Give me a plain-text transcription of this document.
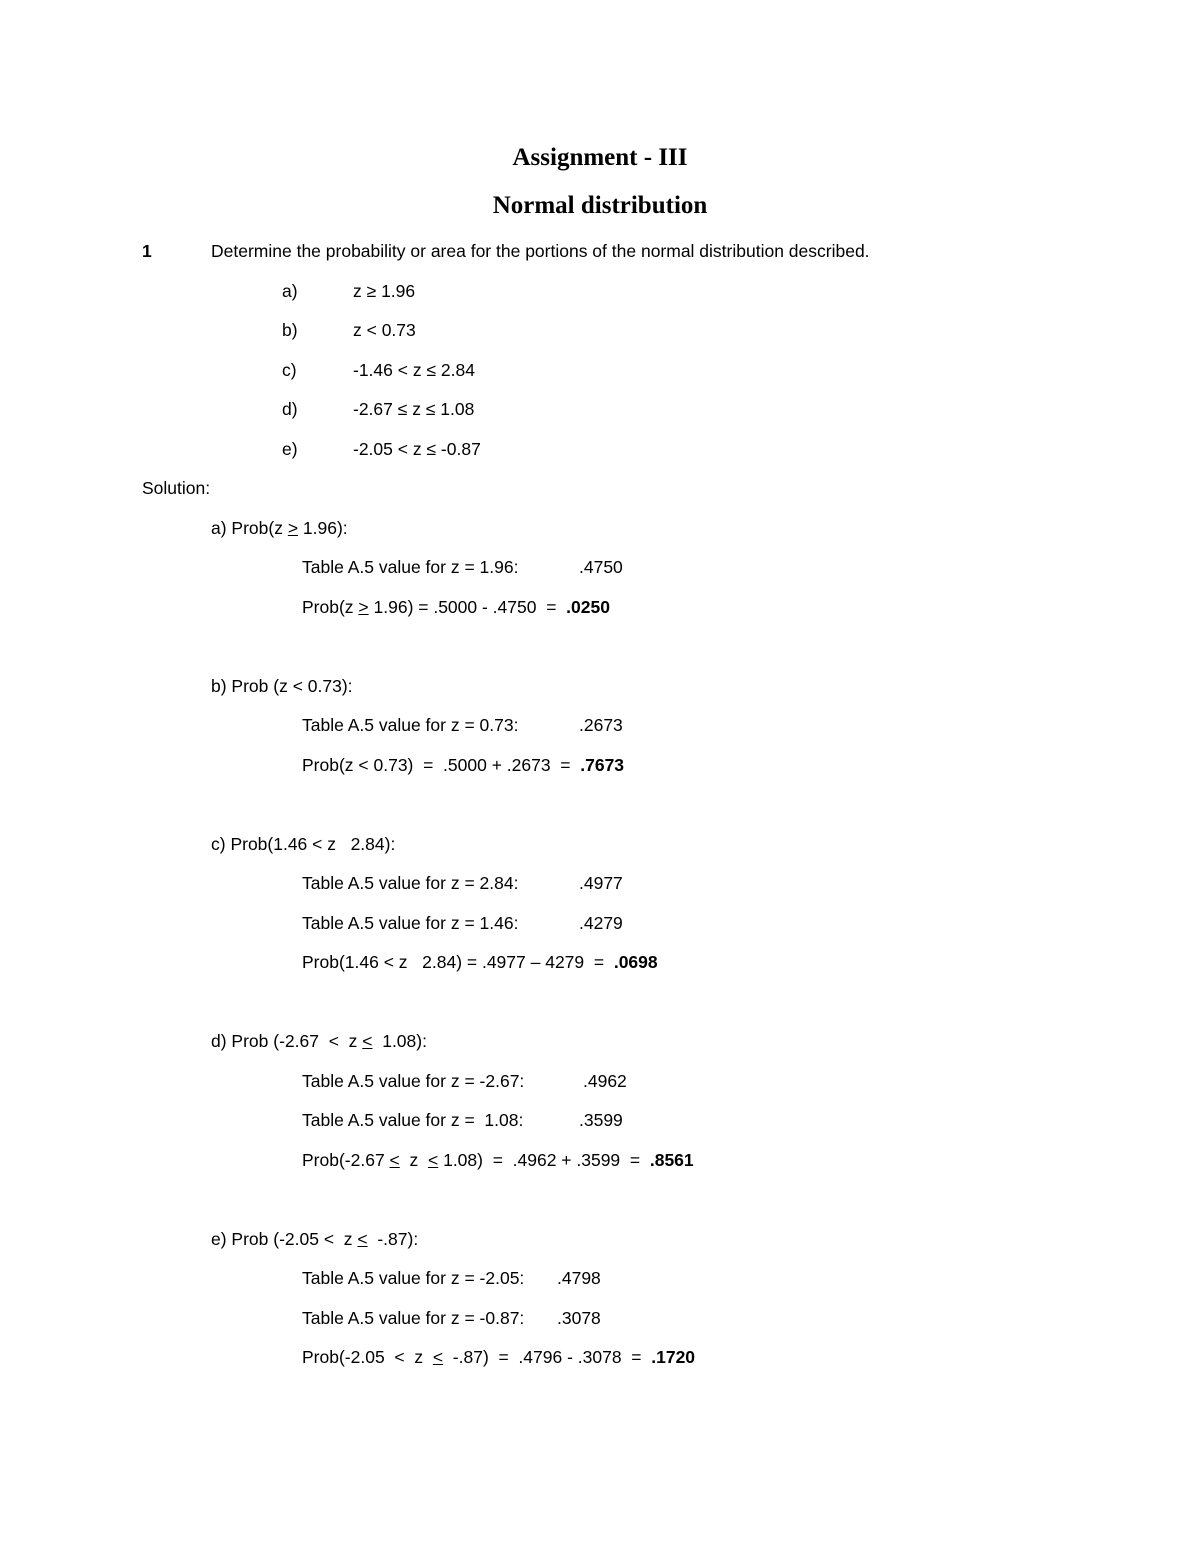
Assignment - III
Normal distribution
1	Determine the probability or area for the portions of the normal distribution described.
a)	z ≥ 1.96
b)	z < 0.73
c)	-1.46 < z ≤ 2.84
d)	-2.67 ≤ z ≤ 1.08
e)	-2.05 < z ≤ -0.87
Solution:
a) Prob(z > 1.96):
Table A.5 value for z = 1.96:	.4750
Prob(z > 1.96) = .5000 - .4750  =  .0250
b) Prob (z < 0.73):
Table A.5 value for z = 0.73:	.2673
Prob(z < 0.73)  =  .5000 + .2673  =  .7673
c) Prob(1.46 < z   2.84):
Table A.5 value for z = 2.84:	.4977
Table A.5 value for z = 1.46:	.4279
Prob(1.46 < z   2.84) = .4977 – 4279  =  .0698
d) Prob (-2.67  <  z <  1.08):
Table A.5 value for z = -2.67:	.4962
Table A.5 value for z =  1.08:	.3599
Prob(-2.67 <  z  < 1.08)  =  .4962 + .3599  =  .8561
e) Prob (-2.05 <  z <  -.87):
Table A.5 value for z = -2.05: .4798
Table A.5 value for z = -0.87: .3078
Prob(-2.05  <  z  <  -.87)  =  .4796 - .3078  =  .1720
